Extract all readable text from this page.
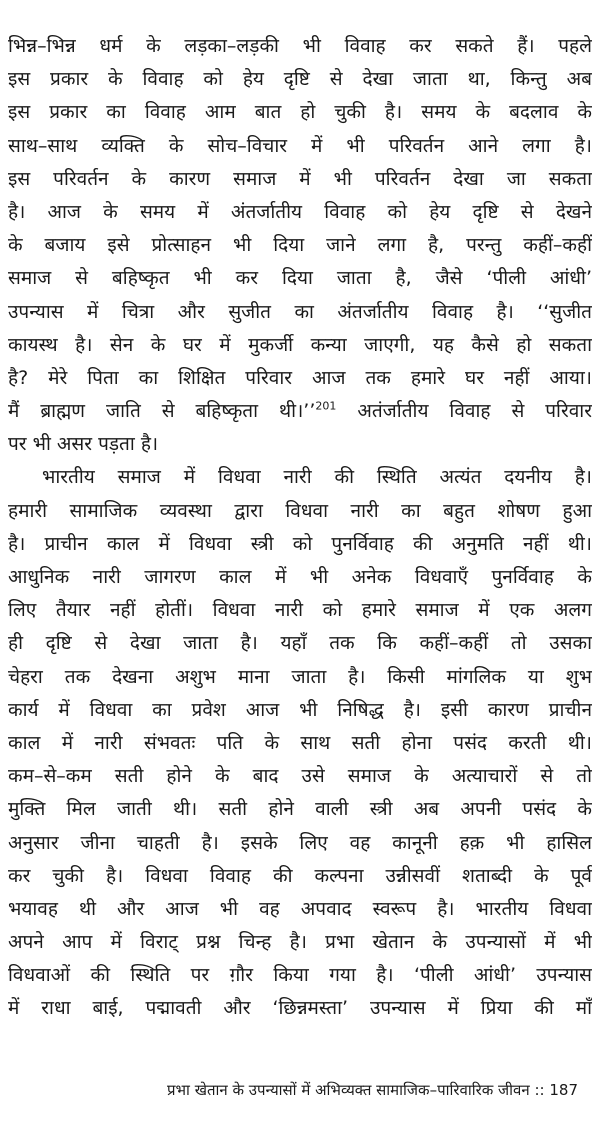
भिन्न–भिन्न धर्म के लड़का–लड़की भी विवाह कर सकते हैं। पहले
इस प्रकार के विवाह को हेय दृष्टि से देखा जाता था, किन्तु अब
इस प्रकार का विवाह आम बात हो चुकी है। समय के बदलाव के
साथ–साथ व्यक्ति के सोच–विचार में भी परिवर्तन आने लगा है।
इस परिवर्तन के कारण समाज में भी परिवर्तन देखा जा सकता
है। आज के समय में अंतर्जातीय विवाह को हेय दृष्टि से देखने
के बजाय इसे प्रोत्साहन भी दिया जाने लगा है, परन्तु कहीं–कहीं
समाज से बहिष्कृत भी कर दिया जाता है, जैसे ‘पीली आंधी’
उपन्यास में चित्रा और सुजीत का अंतर्जातीय विवाह है। ‘‘सुजीत
कायस्थ है। सेन के घर में मुकर्जी कन्या जाएगी, यह कैसे हो सकता
है? मेरे पिता का शिक्षित परिवार आज तक हमारे घर नहीं आया।
मैं ब्राह्मण जाति से बहिष्कृता थी।’’$^{201}$ अतंर्जातीय विवाह से परिवार
पर भी असर पड़ता है।
भारतीय समाज में विधवा नारी की स्थिति अत्यंत दयनीय है।
हमारी सामाजिक व्यवस्था द्वारा विधवा नारी का बहुत शोषण हुआ
है। प्राचीन काल में विधवा स्त्री को पुनर्विवाह की अनुमति नहीं थी।
आधुनिक नारी जागरण काल में भी अनेक विधवाएँ पुनर्विवाह के
लिए तैयार नहीं होतीं। विधवा नारी को हमारे समाज में एक अलग
ही दृष्टि से देखा जाता है। यहाँ तक कि कहीं–कहीं तो उसका
चेहरा तक देखना अशुभ माना जाता है। किसी मांगलिक या शुभ
कार्य में विधवा का प्रवेश आज भी निषिद्ध है। इसी कारण प्राचीन
काल में नारी संभवतः पति के साथ सती होना पसंद करती थी।
कम–से–कम सती होने के बाद उसे समाज के अत्याचारों से तो
मुक्ति मिल जाती थी। सती होने वाली स्त्री अब अपनी पसंद के
अनुसार जीना चाहती है। इसके लिए वह कानूनी हक़ भी हासिल
कर चुकी है। विधवा विवाह की कल्पना उन्नीसवीं शताब्दी के पूर्व
भयावह थी और आज भी वह अपवाद स्वरूप है। भारतीय विधवा
अपने आप में विराट् प्रश्न चिन्ह है। प्रभा खेतान के उपन्यासों में भी
विधवाओं की स्थिति पर ग़ौर किया गया है। ‘पीली आंधी’ उपन्यास
में राधा बाई, पद्मावती और ‘छिन्नमस्ता’ उपन्यास में प्रिया की माँ
प्रभा खेतान के उपन्यासों में अभिव्यक्त सामाजिक–पारिवारिक जीवन :: 187
